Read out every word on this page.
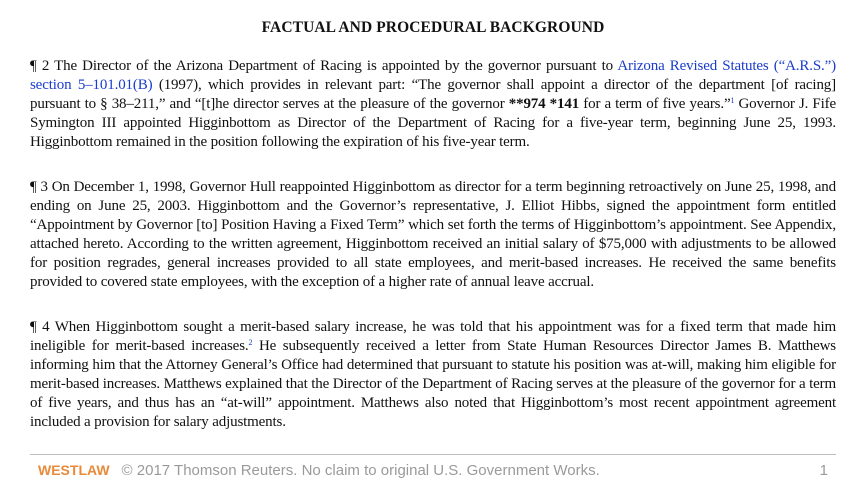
FACTUAL AND PROCEDURAL BACKGROUND

¶ 2 The Director of the Arizona Department of Racing is appointed by the governor pursuant to Arizona Revised Statutes (“A.R.S.”) section 5–101.01(B) (1997), which provides in relevant part: “The governor shall appoint a director of the department [of racing] pursuant to § 38–211,” and “[t]he director serves at the pleasure of the governor **974 *141 for a term of five years.”$^1$ Governor J. Fife Symington III appointed Higginbottom as Director of the Department of Racing for a five-year term, beginning June 25, 1993. Higginbottom remained in the position following the expiration of his five-year term.

¶ 3 On December 1, 1998, Governor Hull reappointed Higginbottom as director for a term beginning retroactively on June 25, 1998, and ending on June 25, 2003. Higginbottom and the Governor’s representative, J. Elliot Hibbs, signed the appointment form entitled “Appointment by Governor [to] Position Having a Fixed Term” which set forth the terms of Higginbottom’s appointment. See Appendix, attached hereto. According to the written agreement, Higginbottom received an initial salary of $75,000 with adjustments to be allowed for position regrades, general increases provided to all state employees, and merit-based increases. He received the same benefits provided to covered state employees, with the exception of a higher rate of annual leave accrual.

¶ 4 When Higginbottom sought a merit-based salary increase, he was told that his appointment was for a fixed term that made him ineligible for merit-based increases.$^2$ He subsequently received a letter from State Human Resources Director James B. Matthews informing him that the Attorney General’s Office had determined that pursuant to statute his position was at-will, making him eligible for merit-based increases. Matthews explained that the Director of the Department of Racing serves at the pleasure of the governor for a term of five years, and thus has an “at-will” appointment. Matthews also noted that Higginbottom’s most recent appointment agreement included a provision for salary adjustments.

WESTLAW © 2017 Thomson Reuters. No claim to original U.S. Government Works.	1
